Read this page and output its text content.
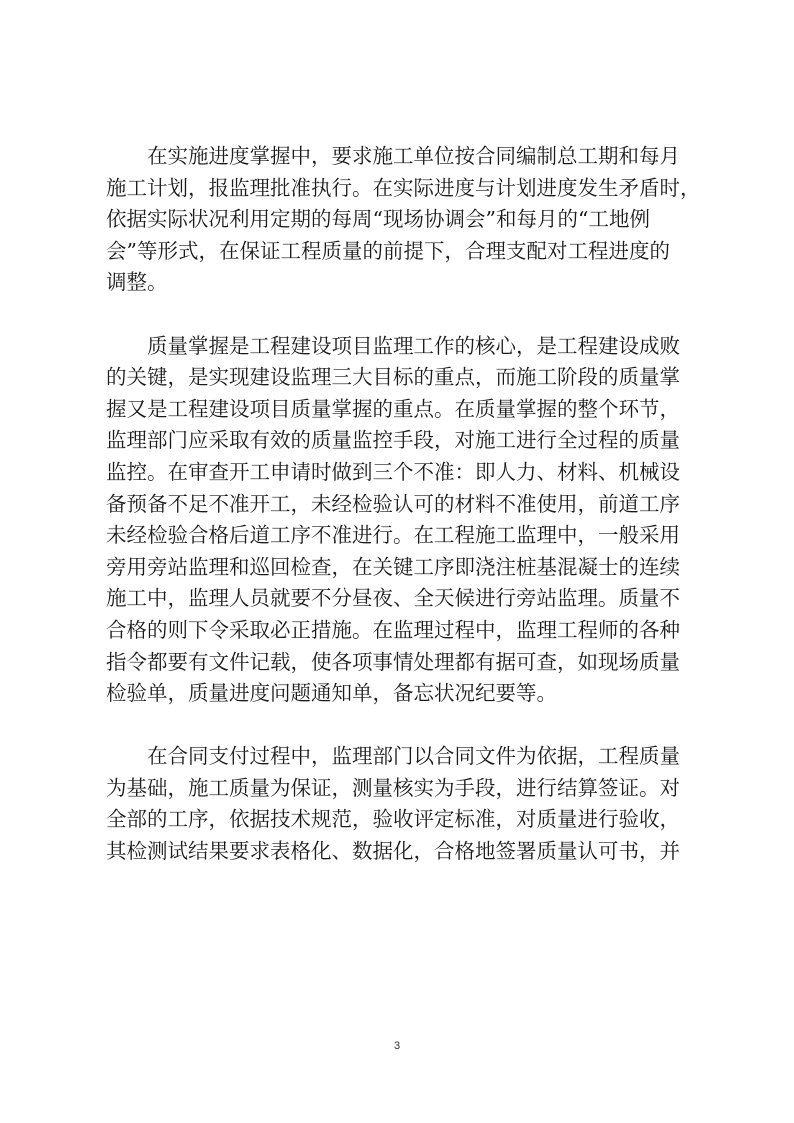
在实施进度掌握中，要求施工单位按合同编制总工期和每月
施工计划，报监理批准执行。在实际进度与计划进度发生矛盾时，
依据实际状况利用定期的每周“现场协调会”和每月的“工地例
会”等形式，在保证工程质量的前提下，合理支配对工程进度的
调整。

质量掌握是工程建设项目监理工作的核心，是工程建设成败
的关键，是实现建设监理三大目标的重点，而施工阶段的质量掌
握又是工程建设项目质量掌握的重点。在质量掌握的整个环节，
监理部门应采取有效的质量监控手段，对施工进行全过程的质量
监控。在审查开工申请时做到三个不准：即人力、材料、机械设
备预备不足不准开工，未经检验认可的材料不准使用，前道工序
未经检验合格后道工序不准进行。在工程施工监理中，一般采用
旁用旁站监理和巡回检查，在关键工序即浇注桩基混凝士的连续
施工中，监理人员就要不分昼夜、全天候进行旁站监理。质量不
合格的则下令采取必正措施。在监理过程中，监理工程师的各种
指令都要有文件记载，使各项事情处理都有据可查，如现场质量
检验单，质量进度问题通知单，备忘状况纪要等。

在合同支付过程中，监理部门以合同文件为依据，工程质量
为基础，施工质量为保证，测量核实为手段，进行结算签证。对
全部的工序，依据技术规范，验收评定标准，对质量进行验收，
其检测试结果要求表格化、数据化，合格地签署质量认可书，并

3
